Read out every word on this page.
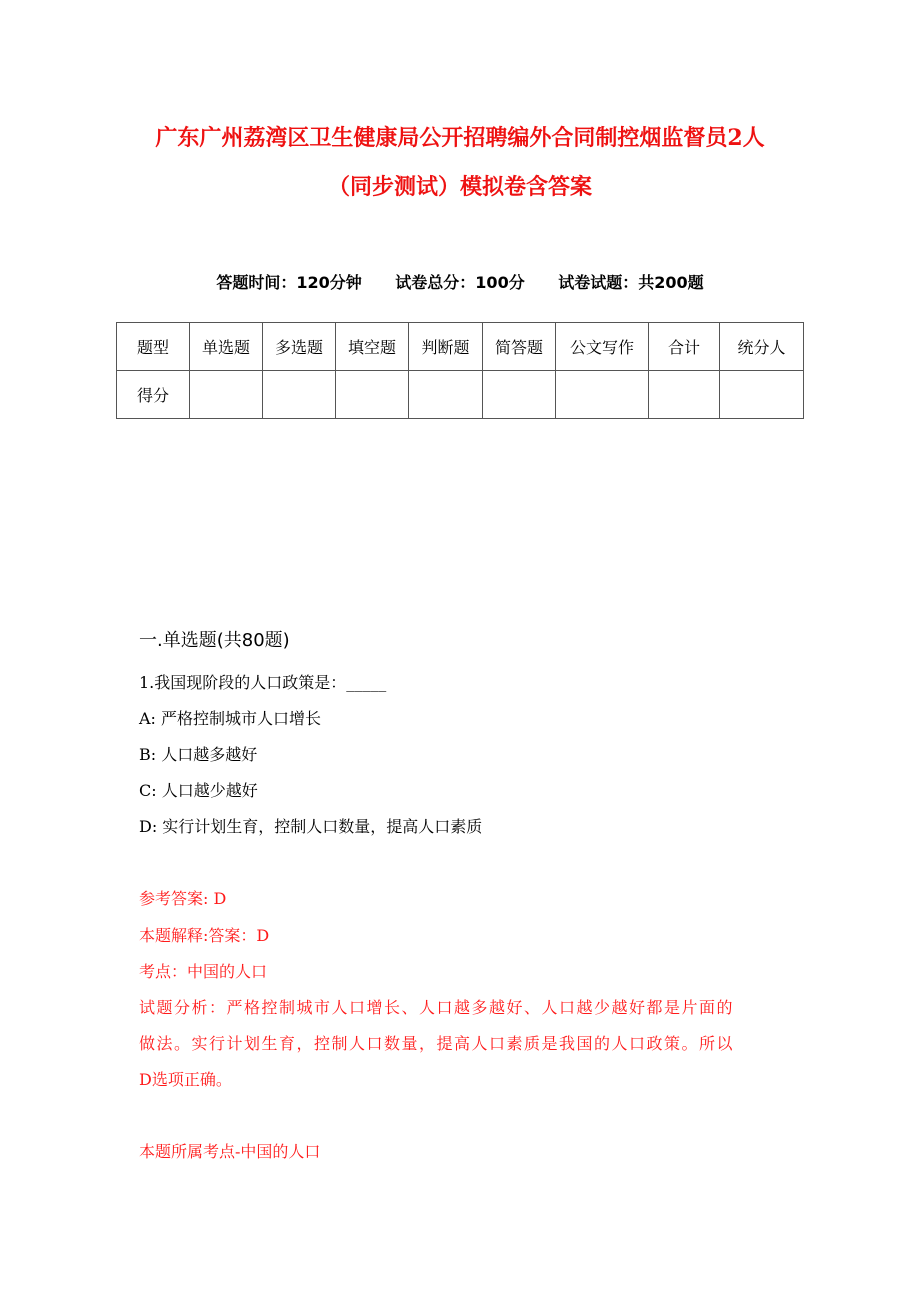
广东广州荔湾区卫生健康局公开招聘编外合同制控烟监督员2人
（同步测试）模拟卷含答案
答题时间：120分钟 试卷总分：100分 试卷试题：共200题
题型	单选题	多选题	填空题	判断题	简答题	公文写作	合计	统分人
得分								
一.单选题(共80题)
1.我国现阶段的人口政策是：_____
A: 严格控制城市人口增长
B: 人口越多越好
C: 人口越少越好
D: 实行计划生育，控制人口数量，提高人口素质
参考答案: D
本题解释:答案：D
考点：中国的人口
试题分析：严格控制城市人口增长、人口越多越好、人口越少越好都是片面的
做法。实行计划生育，控制人口数量，提高人口素质是我国的人口政策。所以
D选项正确。
本题所属考点-中国的人口
